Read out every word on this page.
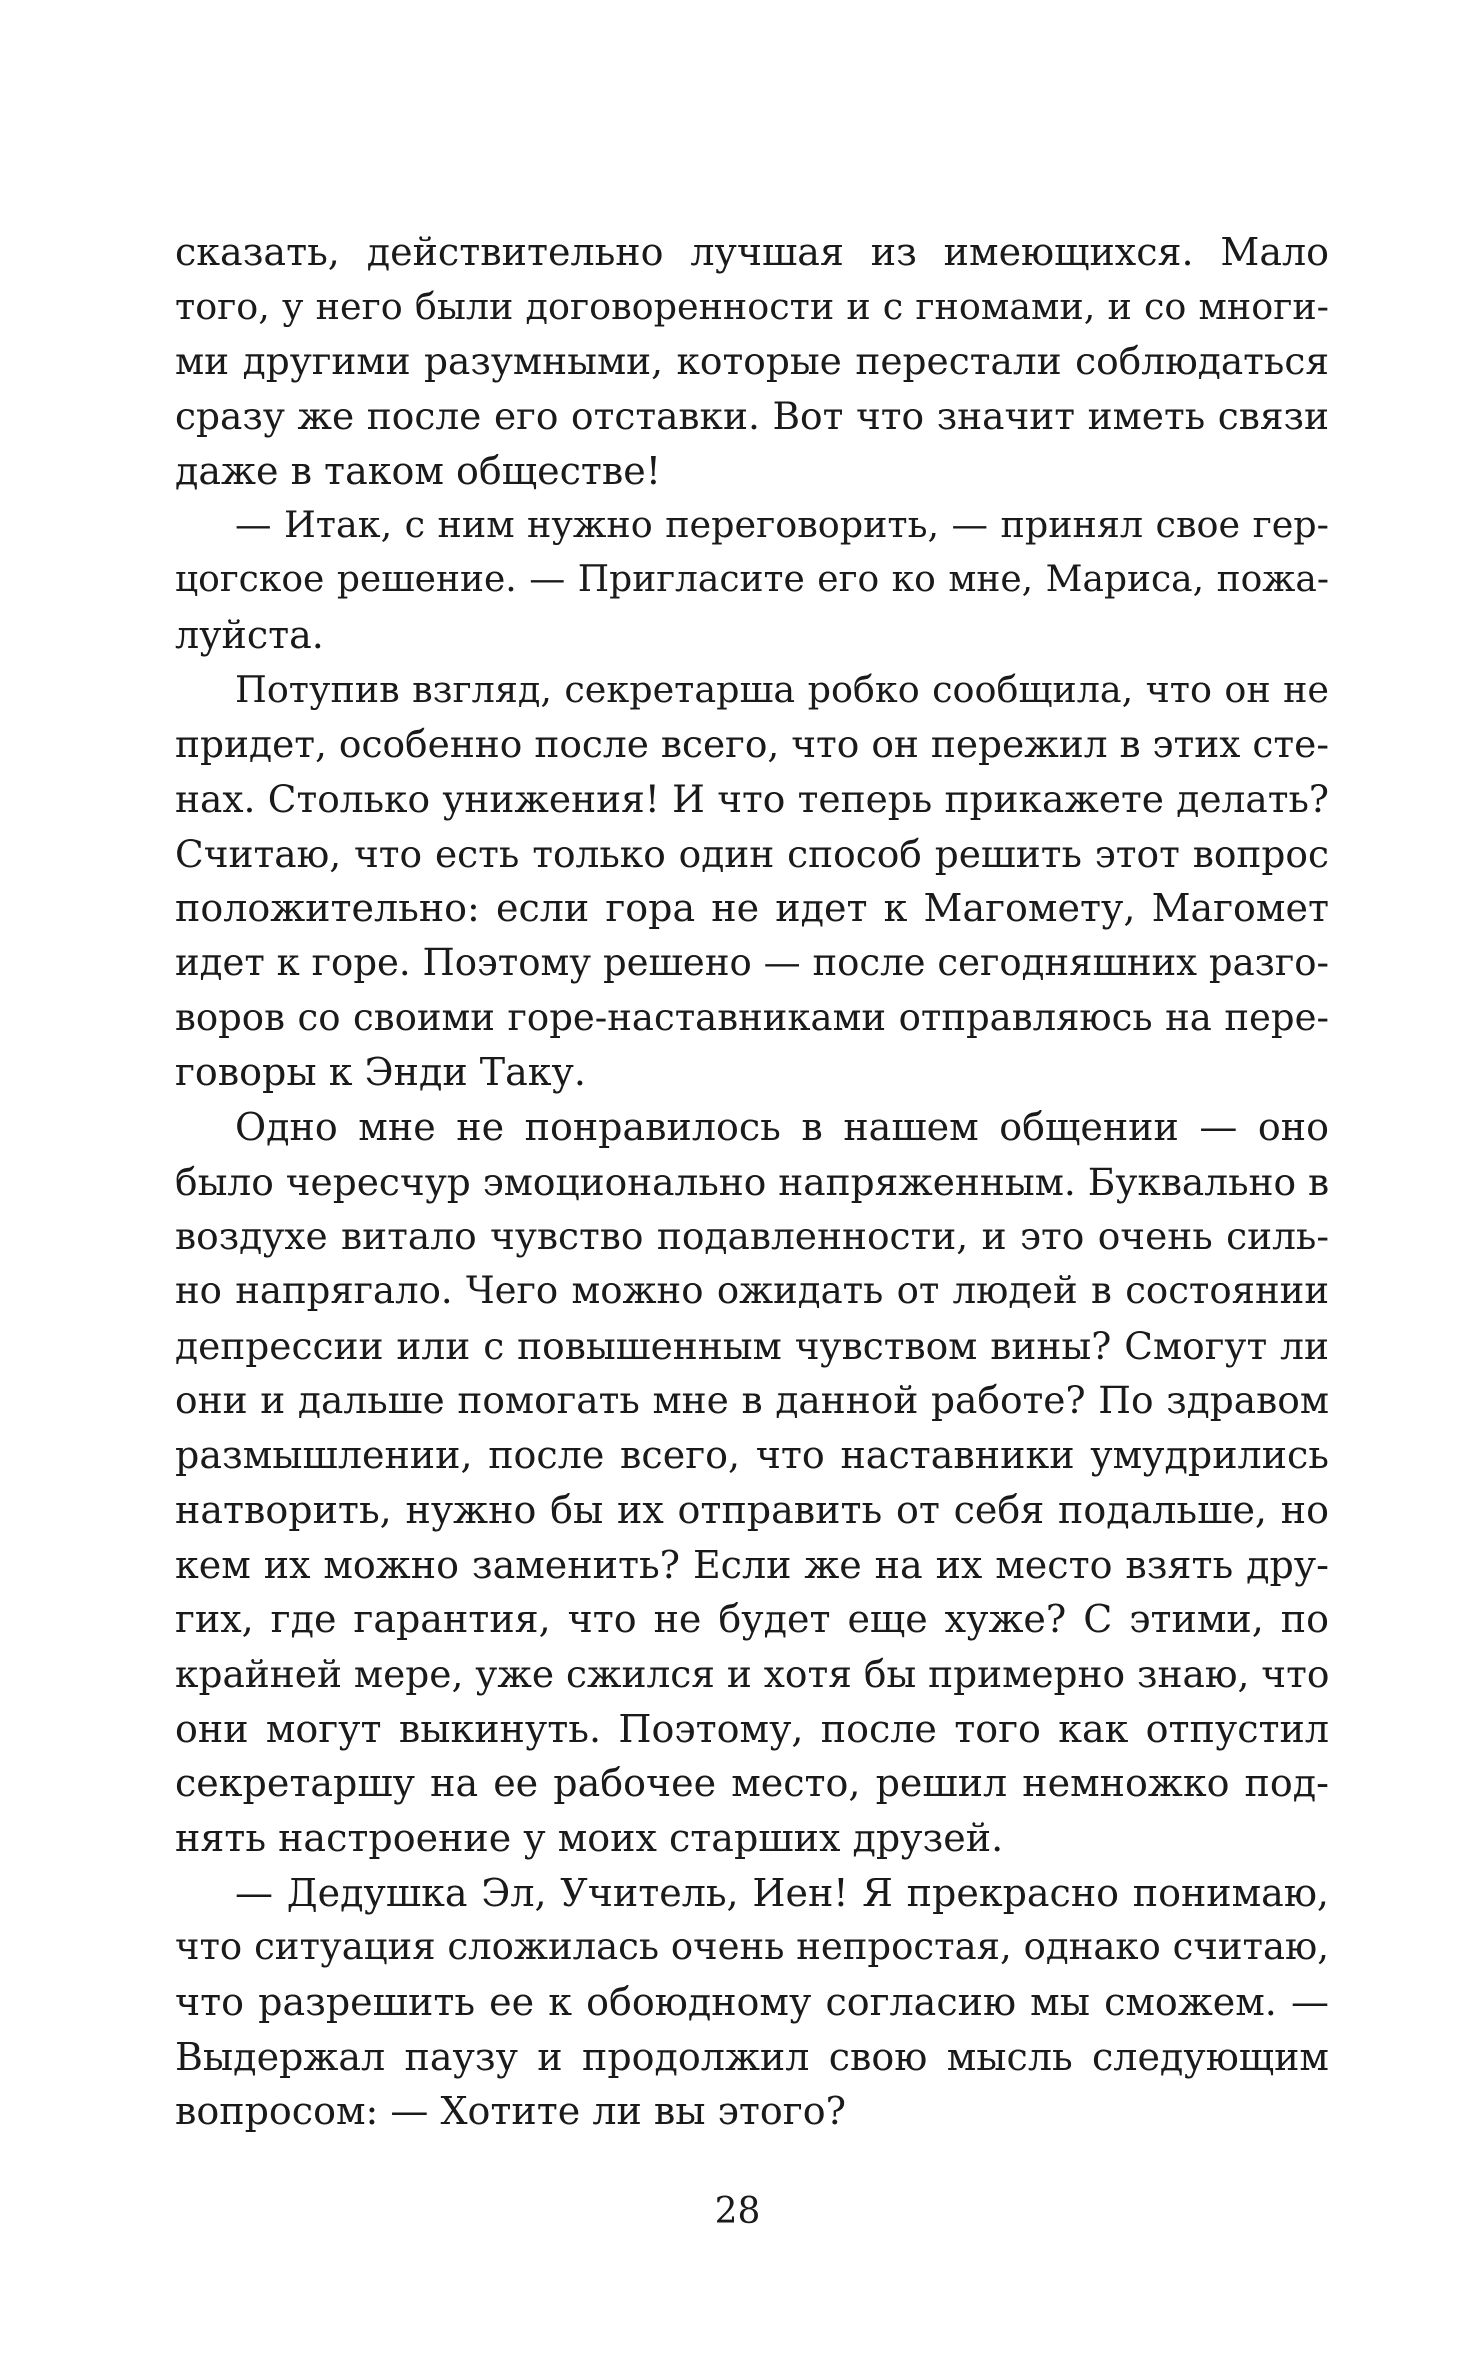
сказать, действительно лучшая из имеющихся. Мало
того, у него были договоренности и с гномами, и со многи-
ми другими разумными, которые перестали соблюдаться
сразу же после его отставки. Вот что значит иметь связи
даже в таком обществе!
— Итак, с ним нужно переговорить, — принял свое гер-
цогское решение. — Пригласите его ко мне, Мариса, пожа-
луйста.
Потупив взгляд, секретарша робко сообщила, что он не
придет, особенно после всего, что он пережил в этих сте-
нах. Столько унижения! И что теперь прикажете делать?
Считаю, что есть только один способ решить этот вопрос
положительно: если гора не идет к Магомету, Магомет
идет к горе. Поэтому решено — после сегодняшних разго-
воров со своими горе-наставниками отправляюсь на пере-
говоры к Энди Таку.
Одно мне не понравилось в нашем общении — оно
было чересчур эмоционально напряженным. Буквально в
воздухе витало чувство подавленности, и это очень силь-
но напрягало. Чего можно ожидать от людей в состоянии
депрессии или с повышенным чувством вины? Смогут ли
они и дальше помогать мне в данной работе? По здравом
размышлении, после всего, что наставники умудрились
натворить, нужно бы их отправить от себя подальше, но
кем их можно заменить? Если же на их место взять дру-
гих, где гарантия, что не будет еще хуже? С этими, по
крайней мере, уже сжился и хотя бы примерно знаю, что
они могут выкинуть. Поэтому, после того как отпустил
секретаршу на ее рабочее место, решил немножко под-
нять настроение у моих старших друзей.
— Дедушка Эл, Учитель, Иен! Я прекрасно понимаю,
что ситуация сложилась очень непростая, однако считаю,
что разрешить ее к обоюдному согласию мы сможем. —
Выдержал паузу и продолжил свою мысль следующим
вопросом: — Хотите ли вы этого?
28
